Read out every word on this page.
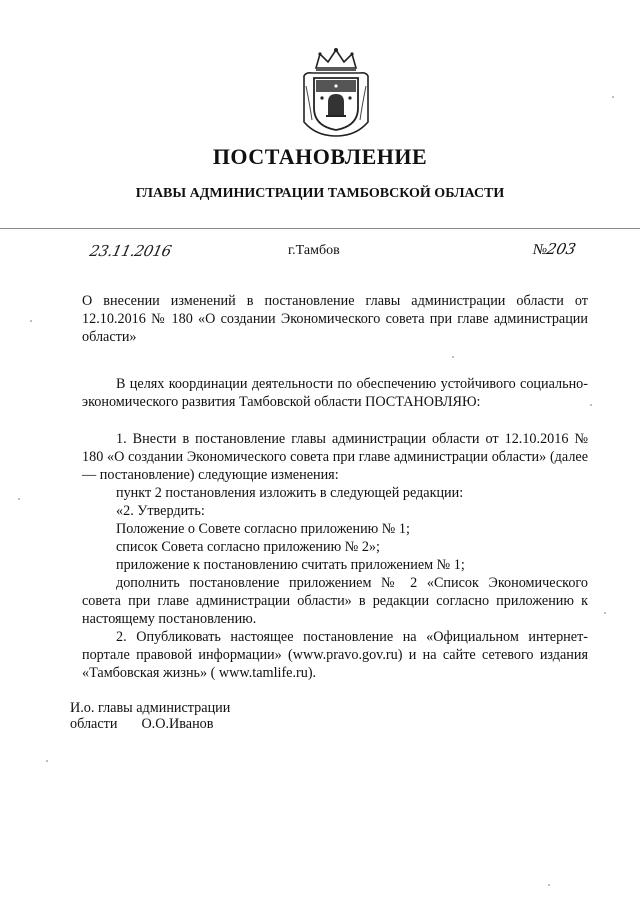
ПОСТАНОВЛЕНИЕ
ГЛАВЫ АДМИНИСТРАЦИИ ТАМБОВСКОЙ ОБЛАСТИ
23.11.2016	г.Тамбов	№203
О внесении изменений в постановление главы администрации области от 12.10.2016 № 180 «О создании Экономического совета при главе администрации области»

В целях координации деятельности по обеспечению устойчивого социально-экономического развития Тамбовской области ПОСТАНОВЛЯЮ:

1. Внести в постановление главы администрации области от 12.10.2016 № 180 «О создании Экономического совета при главе администрации области» (далее — постановление) следующие изменения:

пункт 2 постановления изложить в следующей редакции:

«2. Утвердить:

Положение о Совете согласно приложению № 1;

список Совета согласно приложению № 2»;

приложение к постановлению считать приложением № 1;

дополнить постановление приложением № 2 «Список Экономического совета при главе администрации области» в редакции согласно приложению к настоящему постановлению.

2. Опубликовать настоящее постановление на «Официальном интернет-портале правовой информации» (www.pravo.gov.ru) и на сайте сетевого издания «Тамбовская жизнь» ( www.tamlife.ru).

И.о. главы администрации
области О.О.Иванов
